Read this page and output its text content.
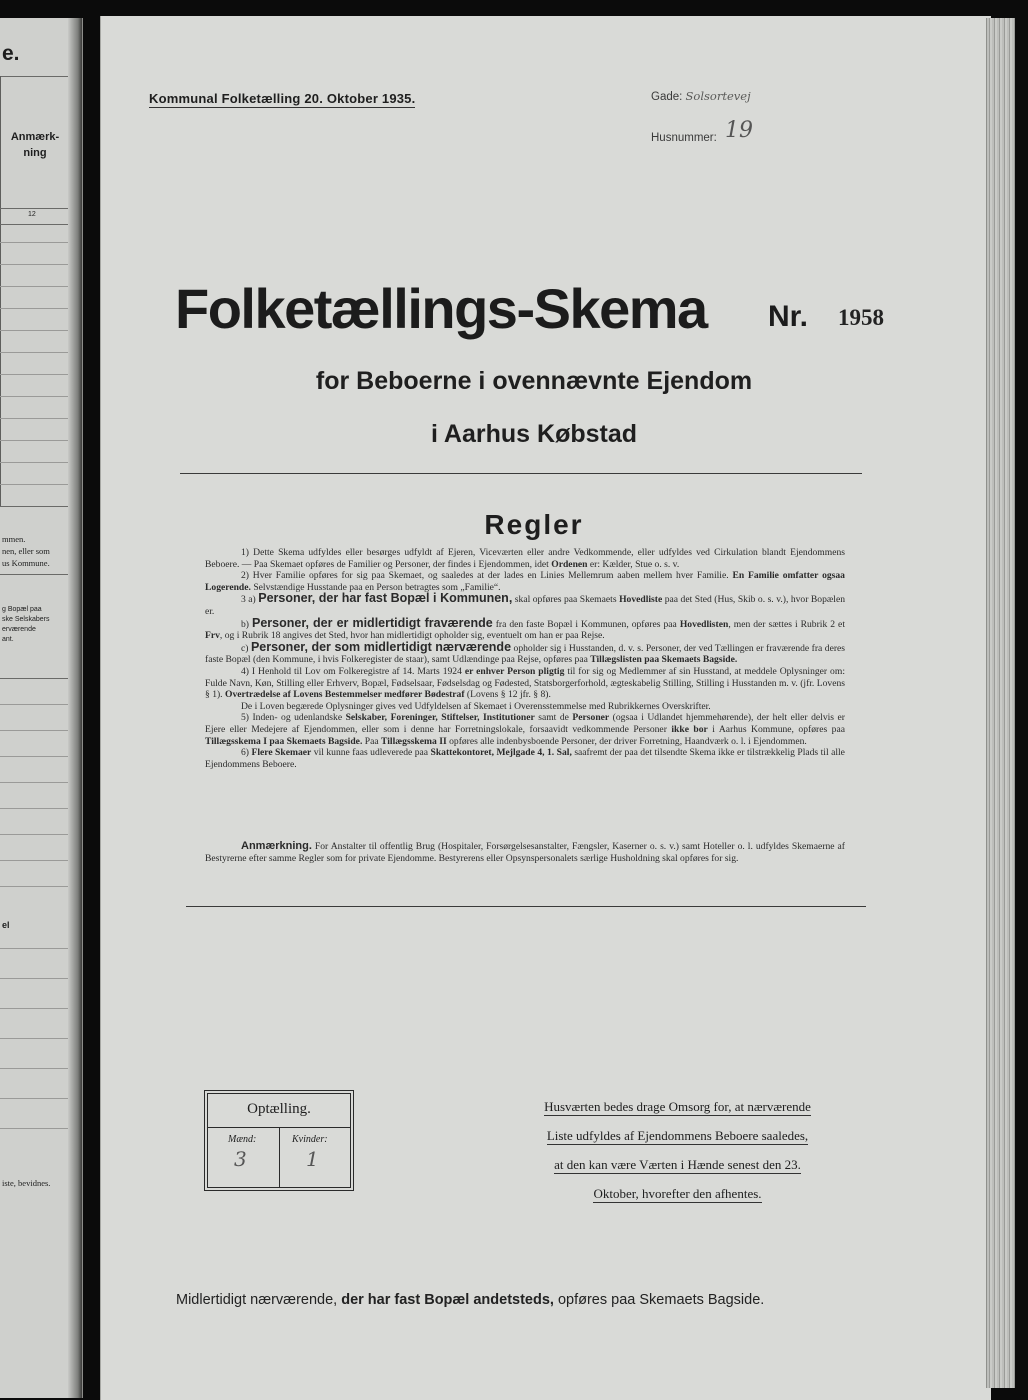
e.
Anmærk-
ning
12
mmen.
nen, eller som
us Kommune.
g Bopæl paa
ske Selskabers
erværende
ant.
el
iste, bevidnes.
Kommunal Folketælling 20. Oktober 1935.	Gade: Solsortevej
Husnummer: 19
Folketællings-Skema Nr. 1958
for Beboerne i ovennævnte Ejendom
i Aarhus Købstad
Regler

1) Dette Skema udfyldes eller besørges udfyldt af Ejeren, Viceværten eller andre Vedkommende, eller udfyldes ved Cirkulation blandt Ejendommens Beboere. — Paa Skemaet opføres de Familier og Personer, der findes i Ejendommen, idet Ordenen er: Kælder, Stue o. s. v.

2) Hver Familie opføres for sig paa Skemaet, og saaledes at der lades en Linies Mellemrum aaben mellem hver Familie. En Familie omfatter ogsaa Logerende. Selvstændige Husstande paa en Person betragtes som „Familie“.

3 a) Personer, der har fast Bopæl i Kommunen, skal opføres paa Skemaets Hovedliste paa det Sted (Hus, Skib o. s. v.), hvor Bopælen er.

b) Personer, der er midlertidigt fraværende fra den faste Bopæl i Kommunen, opføres paa Hovedlisten, men der sættes i Rubrik 2 et Frv, og i Rubrik 18 angives det Sted, hvor han midlertidigt opholder sig, eventuelt om han er paa Rejse.

c) Personer, der som midlertidigt nærværende opholder sig i Husstanden, d. v. s. Personer, der ved Tællingen er fraværende fra deres faste Bopæl (den Kommune, i hvis Folkeregister de staar), samt Udlændinge paa Rejse, opføres paa Tillægslisten paa Skemaets Bagside.

4) I Henhold til Lov om Folkeregistre af 14. Marts 1924 er enhver Person pligtig til for sig og Medlemmer af sin Husstand, at meddele Oplysninger om: Fulde Navn, Køn, Stilling eller Erhverv, Bopæl, Fødselsaar, Fødselsdag og Fødested, Statsborgerforhold, ægteskabelig Stilling, Stilling i Husstanden m. v. (jfr. Lovens § 1). Overtrædelse af Lovens Bestemmelser medfører Bødestraf (Lovens § 12 jfr. § 8).

De i Loven begærede Oplysninger gives ved Udfyldelsen af Skemaet i Overensstemmelse med Rubrikkernes Overskrifter.

5) Inden- og udenlandske Selskaber, Foreninger, Stiftelser, Institutioner samt de Personer (ogsaa i Udlandet hjemmehørende), der helt eller delvis er Ejere eller Medejere af Ejendommen, eller som i denne har Forretningslokale, forsaavidt vedkommende Personer ikke bor i Aarhus Kommune, opføres paa Tillægsskema I paa Skemaets Bagside. Paa Tillægsskema II opføres alle indenbysboende Personer, der driver Forretning, Haandværk o. l. i Ejendommen.

6) Flere Skemaer vil kunne faas udleverede paa Skattekontoret, Mejlgade 4, 1. Sal, saafremt der paa det tilsendte Skema ikke er tilstrækkelig Plads til alle Ejendommens Beboere.

Anmærkning. For Anstalter til offentlig Brug (Hospitaler, Forsørgelsesanstalter, Fængsler, Kaserner o. s. v.) samt Hoteller o. l. udfyldes Skemaerne af Bestyrerne efter samme Regler som for private Ejendomme. Bestyrerens eller Opsynspersonalets særlige Husholdning skal opføres for sig.
Optælling.
Mænd:	Kvinder:
3	1
Husværten bedes drage Omsorg for, at nærværende Liste udfyldes af Ejendommens Beboere saaledes, at den kan være Værten i Hænde senest den 23. Oktober, hvorefter den afhentes.
Midlertidigt nærværende, der har fast Bopæl andetsteds, opføres paa Skemaets Bagside.
